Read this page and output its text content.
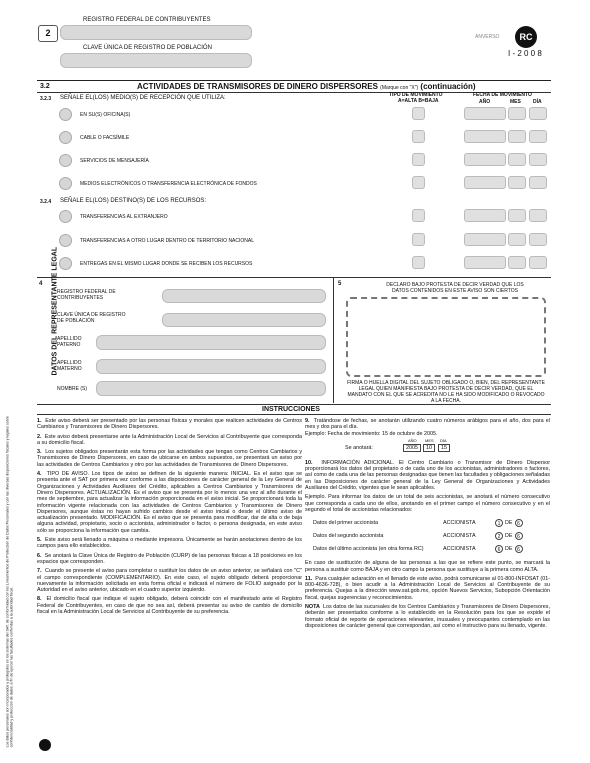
2
REGISTRO FEDERAL DE CONTRIBUYENTES
CLAVE ÚNICA DE REGISTRO DE POBLACIÓN
ANVERSO	RC
I - 2 0 0 8
3.2	ACTIVIDADES DE TRANSMISORES DE DINERO DISPERSORES (Marque con "X") (continuación)
3.2.3 SEÑALE EL(LOS) MEDIO(S) DE RECEPCIÓN QUE UTILIZA:	TIPO DE MOVIMIENTO
A=ALTA B=BAJA
FECHA DE MOVIMIENTO
AÑO	MES DÍA
EN SU(S) OFICINA(S)
CABLE O FACSÍMILE
SERVICIOS DE MENSAJERÍA
MEDIOS ELECTRÓNICOS O TRANSFERENCIA ELECTRÓNICA DE FONDOS
3.2.4 SEÑALE EL(LOS) DESTINO(S) DE LOS RECURSOS:
TRANSFERENCIAS AL EXTRANJERO
TRANSFERENCIAS A OTRO LUGAR DENTRO DE TERRITORIO NACIONAL
ENTREGAS EN EL MISMO LUGAR DONDE SE RECIBEN LOS RECURSOS
4 DATOS DEL REPRESENTANTE LEGAL
REGISTRO FEDERAL DE CONTRIBUYENTES
CLAVE ÚNICA DE REGISTRO DE POBLACIÓN
APELLIDO PATERNO
APELLIDO MATERNO
NOMBRE (S)
5	DECLARO BAJO PROTESTA DE DECIR VERDAD QUE LOS DATOS CONTENIDOS EN ESTE AVISO SON CIERTOS
FIRMA O HUELLA DIGITAL DEL SUJETO OBLIGADO O, BIEN, DEL REPRESENTANTE LEGAL QUIEN MANIFIESTA BAJO PROTESTA DE DECIR VERDAD, QUE EL MANDATO CON EL QUE SE ACREDITA NO LE HA SIDO MODIFICADO O REVOCADO A LA FECHA.
INSTRUCCIONES

1. Este aviso deberá ser presentado por las personas físicas y morales que realicen actividades de Centros Cambiarios y Transmisores de Dinero Dispersores.

2. Este aviso deberá presentarse ante la Administración Local de Servicios al Contribuyente que corresponda a su domicilio fiscal.

3. Los sujetos obligados presentarán esta forma por las actividades que tengan como Centros Cambiarios y Transmisores de Dinero Dispersores, en caso de ubicarse en ambos supuestos, se presentará un aviso por las actividades de Centros Cambiarios y otro por las actividades de Transmisores de Dinero Dispersores.

4. TIPO DE AVISO. Los tipos de aviso se definen de la siguiente manera: INICIAL. Es el aviso que se presenta ante el SAT por primera vez conforme a las disposiciones de carácter general de la Ley General de Organizaciones y Actividades Auxiliares del Crédito, aplicables a Centros Cambiarios y Transmisores de Dinero Dispersores. ACTUALIZACIÓN. Es el aviso que se presenta por lo menos una vez al año durante el mes de septiembre, para actualizar la información proporcionada en el aviso inicial. Se proporcionará toda la información vigente relacionada con las actividades de Centros Cambiarios y Transmisores de Dinero Dispersores, aunque éstas no hayan sufrido cambios desde el aviso inicial o desde el último aviso de actualización presentado. MODIFICACIÓN. Es el aviso que se presenta para modificar, dar de alta o de baja alguna actividad, propietario, socio o accionista, administrador o factor, o persona designada, en este aviso sólo se proporciona la información que cambia.

5. Este aviso será llenado a máquina o mediante impresora. Únicamente se harán anotaciones dentro de los campos para ello establecidos.

6. Se anotará la Clave Única de Registro de Población (CURP) de las personas físicas a 18 posiciones en los espacios que corresponden.

7. Cuando se presente el aviso para completar o sustituir los datos de un aviso anterior, se señalará con "C" el campo correspondiente (COMPLEMENTARIO). En este caso, el sujeto obligado deberá proporcionar nuevamente la información solicitada en esta forma oficial e indicará el número de FOLIO asignado por la Autoridad en el aviso anterior, ubicado en el cuadro superior izquierdo.

8. El domicilio fiscal que indique el sujeto obligado, deberá coincidir con el manifestado ante el Registro Federal de Contribuyentes, en caso de que no sea así, deberá presentar su aviso de cambio de domicilio fiscal en la Administración Local de Servicios al Contribuyente de su preferencia.

9. Tratándose de fechas, se anotarán utilizando cuatro números arábigos para el año, dos para el mes y dos para el día.
Ejemplo: Fecha de movimiento: 15 de octubre de 2005.

AÑO MES DÍA
Se anotará:	2005	10	15

10. INFORMACIÓN ADICIONAL. El Centro Cambiario o Transmisor de Dinero Dispersor proporcionará los datos del propietario o de cada uno de los accionistas, administradores o factores, así como de cada una de las personas designadas que tienen las facultades y obligaciones señaladas en las Disposiciones de carácter general de la Ley General de Organizaciones y Actividades Auxiliares del Crédito, vigentes que le sean aplicables.

Ejemplo. Para informar los datos de un total de seis accionistas, se anotará el número consecutivo que corresponda a cada uno de ellos, anotando en el primer campo el número consecutivo y en el segundo el total de accionistas relacionados:

Datos del primer accionista	ACCIONISTA	1 DE 6
Datos del segundo accionista	ACCIONISTA	2 DE 6
Datos del último accionista (en otra forma RC)	ACCIONISTA	6 DE 6

En caso de sustitución de alguna de las personas a las que se refiere este punto, se marcará la persona a sustituir como BAJA y en otro campo la persona que sustituye a la primera como ALTA.

11. Para cualquier aclaración en el llenado de este aviso, podrá comunicarse al 01-800-INFOSAT (01-800-4636-728), o bien acudir a la Administración Local de Servicios al Contribuyente de su preferencia. Quejas a la dirección www.sat.gob.mx, opción Nuevos Servicios, Subopción Orientación fiscal, quejas sugerencias y reconocimientos.

NOTA Los datos de las sucursales de los Centros Cambiarios y Transmisores de Dinero Dispersores, deberán ser presentados conforme a lo establecido en la Resolución para los que se expide el formato oficial de reporte de operaciones relevantes, inusuales y preocupantes contemplado en las disposiciones de carácter general que correspondan, así como el instructivo para su llenado, vigente.

Los datos personales son incorporados y protegidos en los sistemas del SAT, de conformidad con los Lineamientos de Protección de Datos Personales y con las diversas disposiciones fiscales y legales sobre confidencialidad y protección de datos, a fin de ejercer las facultades conferidas a la autoridad fiscal.
